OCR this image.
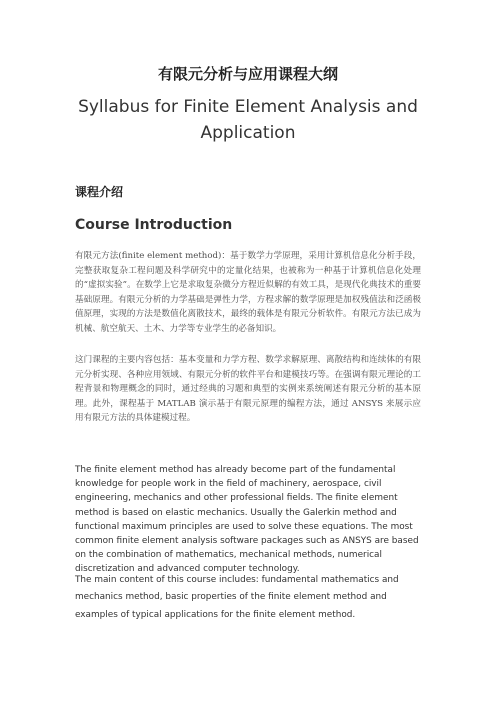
有限元分析与应用课程大纲
Syllabus for Finite Element Analysis and Application
课程介绍
Course Introduction

有限元方法(finite element method)：基于数学力学原理，采用计算机信息化分析手段，完整获取复杂工程问题及科学研究中的定量化结果，也被称为一种基于计算机信息化处理的“虚拟实验”。在数学上它是求取复杂微分方程近似解的有效工具，是现代化典技术的重要基础原理。有限元分析的力学基础是弹性力学，方程求解的数学原理是加权残值法和泛函极值原理，实现的方法是数值化离散技术，最终的载体是有限元分析软件。有限元方法已成为机械、航空航天、土木、力学等专业学生的必备知识。

这门课程的主要内容包括：基本变量和力学方程、数学求解原理、离散结构和连续体的有限元分析实现、各种应用领域、有限元分析的软件平台和建模技巧等。在强调有限元理论的工程背景和物理概念的同时，通过经典的习题和典型的实例来系统阐述有限元分析的基本原理。此外，课程基于 MATLAB 演示基于有限元原理的编程方法，通过 ANSYS 来展示应用有限元方法的具体建模过程。

The finite element method has already become part of the fundamental knowledge for people work in the field of machinery, aerospace, civil engineering, mechanics and other professional fields. The finite element method is based on elastic mechanics. Usually the Galerkin method and functional maximum principles are used to solve these equations. The most common finite element analysis software packages such as ANSYS are based on the combination of mathematics, mechanical methods, numerical discretization and advanced computer technology.

The main content of this course includes: fundamental mathematics and mechanics method, basic properties of the finite element method and examples of typical applications for the finite element method.
